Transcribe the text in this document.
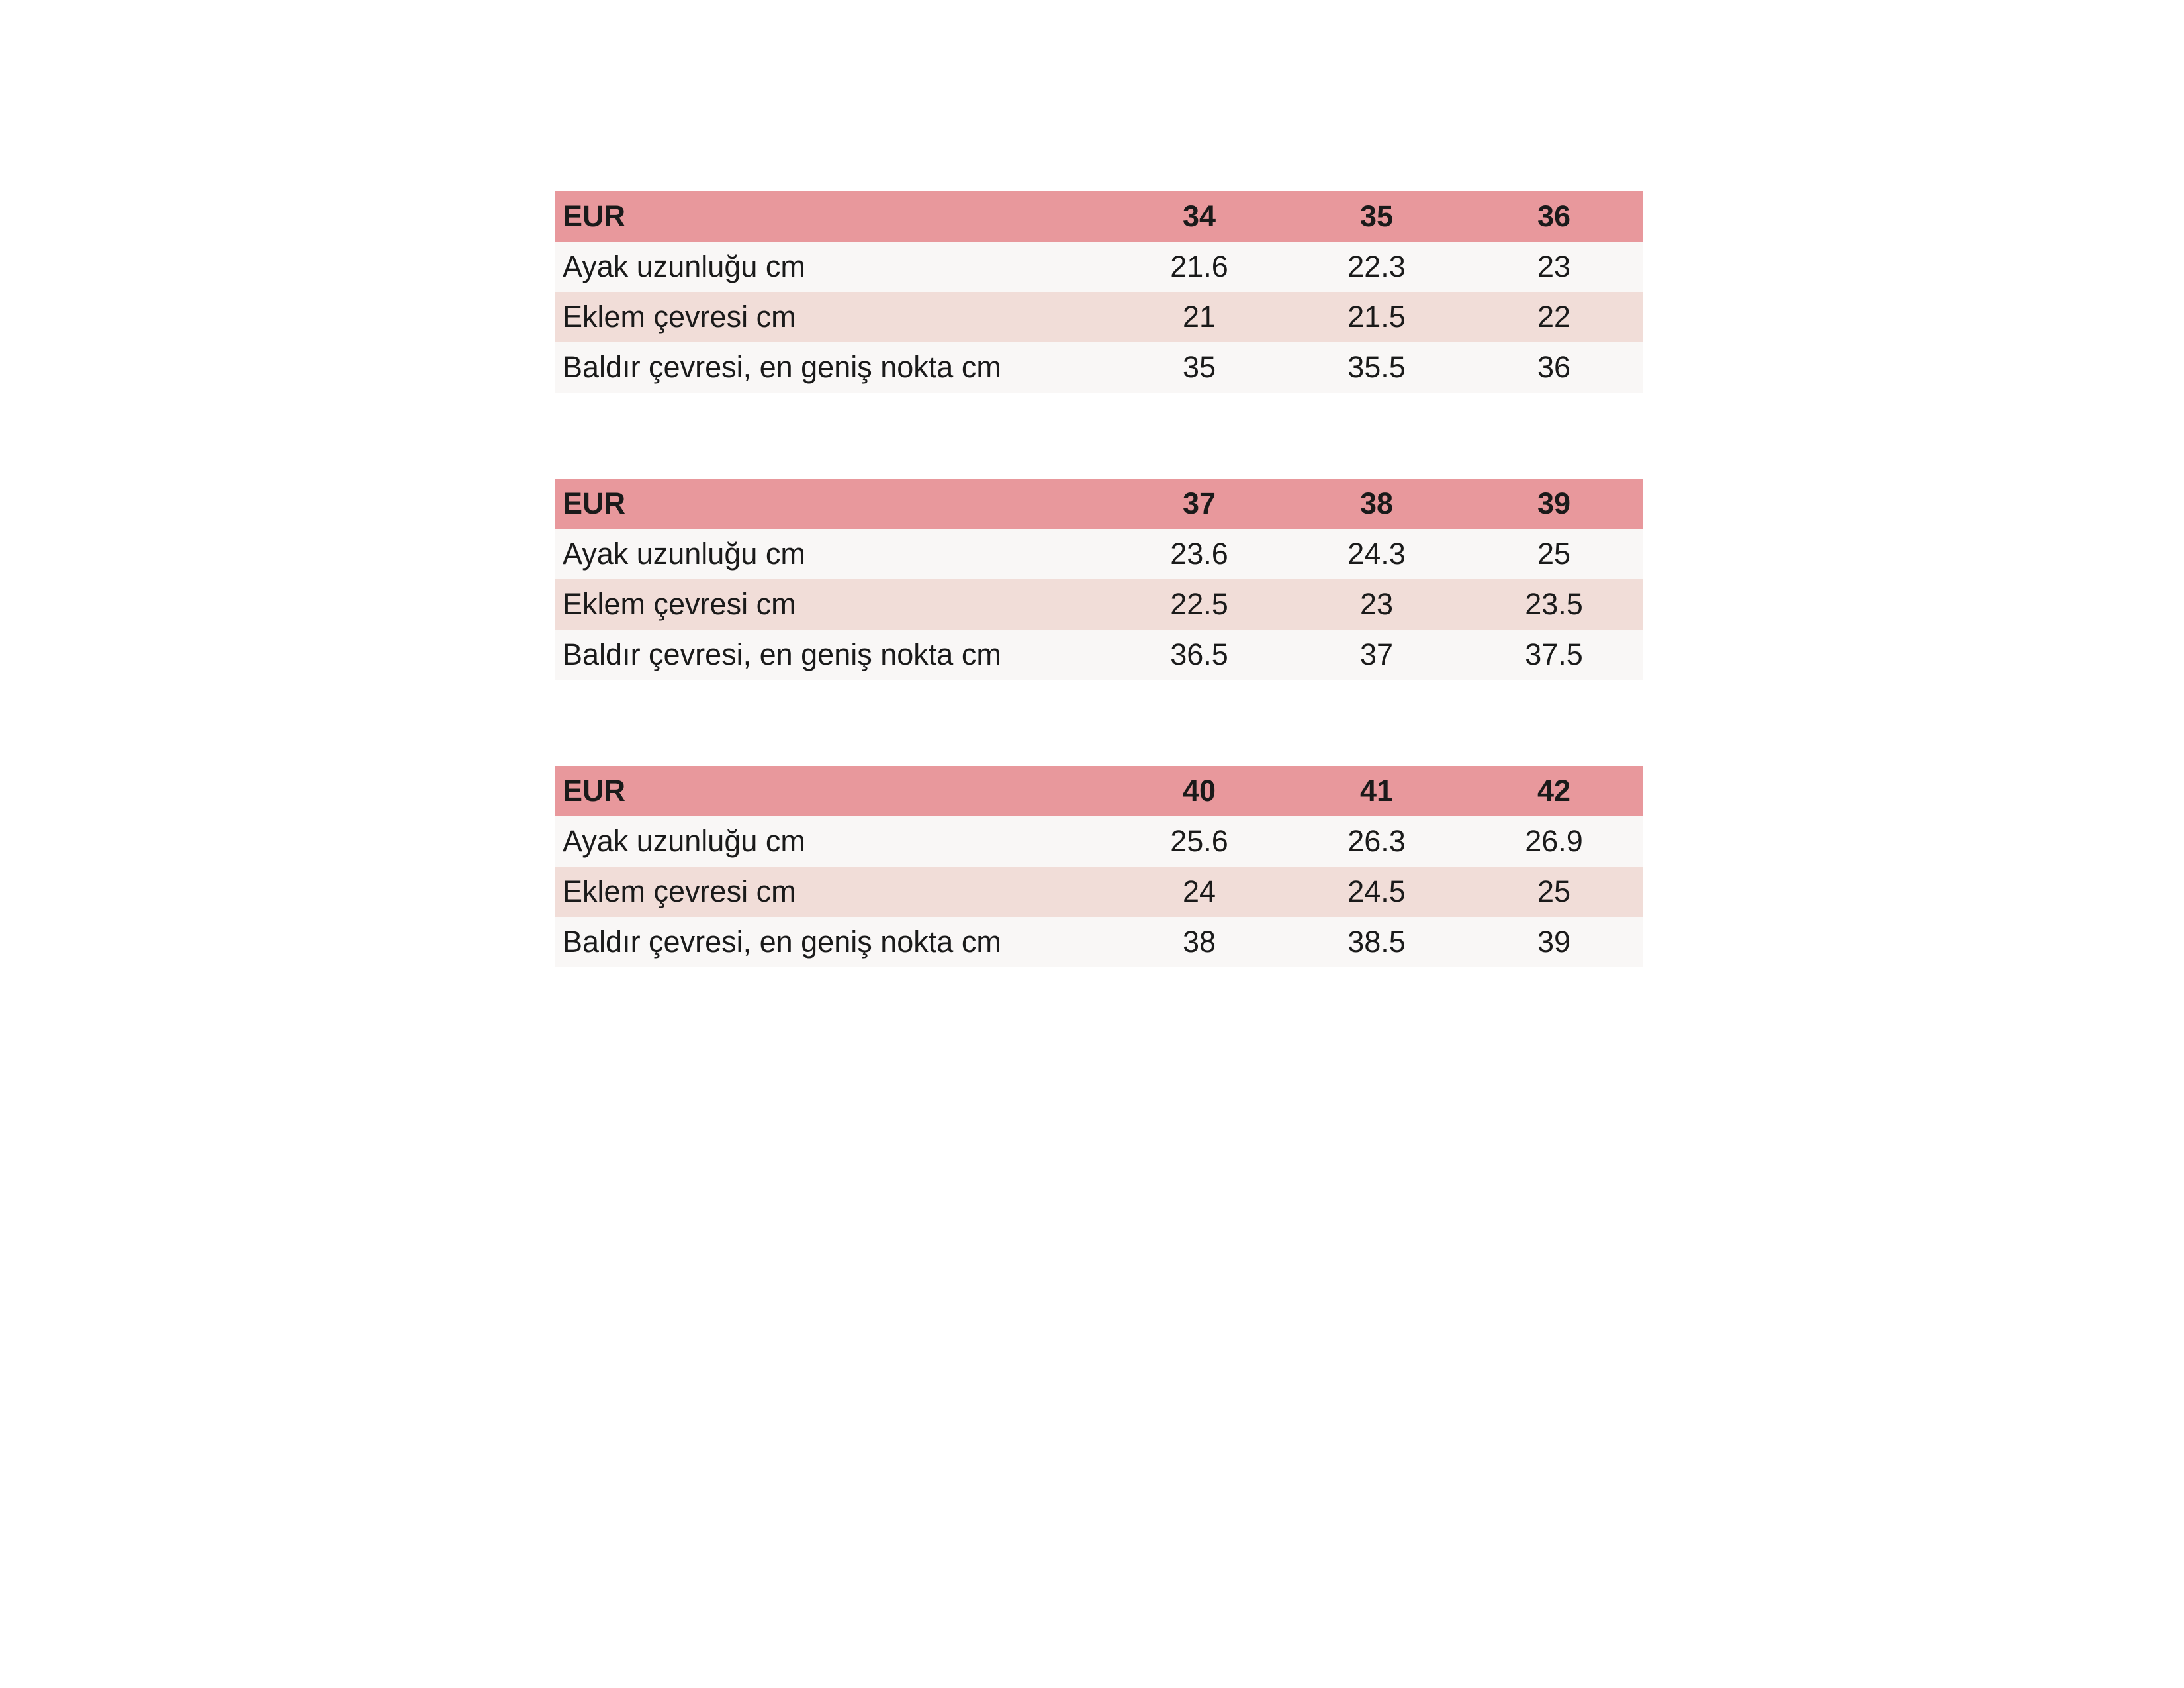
EUR	34	35	36
Ayak uzunluğu cm	21.6	22.3	23
Eklem çevresi cm	21	21.5	22
Baldır çevresi, en geniş nokta cm	35	35.5	36
EUR	37	38	39
Ayak uzunluğu cm	23.6	24.3	25
Eklem çevresi cm	22.5	23	23.5
Baldır çevresi, en geniş nokta cm	36.5	37	37.5
EUR	40	41	42
Ayak uzunluğu cm	25.6	26.3	26.9
Eklem çevresi cm	24	24.5	25
Baldır çevresi, en geniş nokta cm	38	38.5	39
